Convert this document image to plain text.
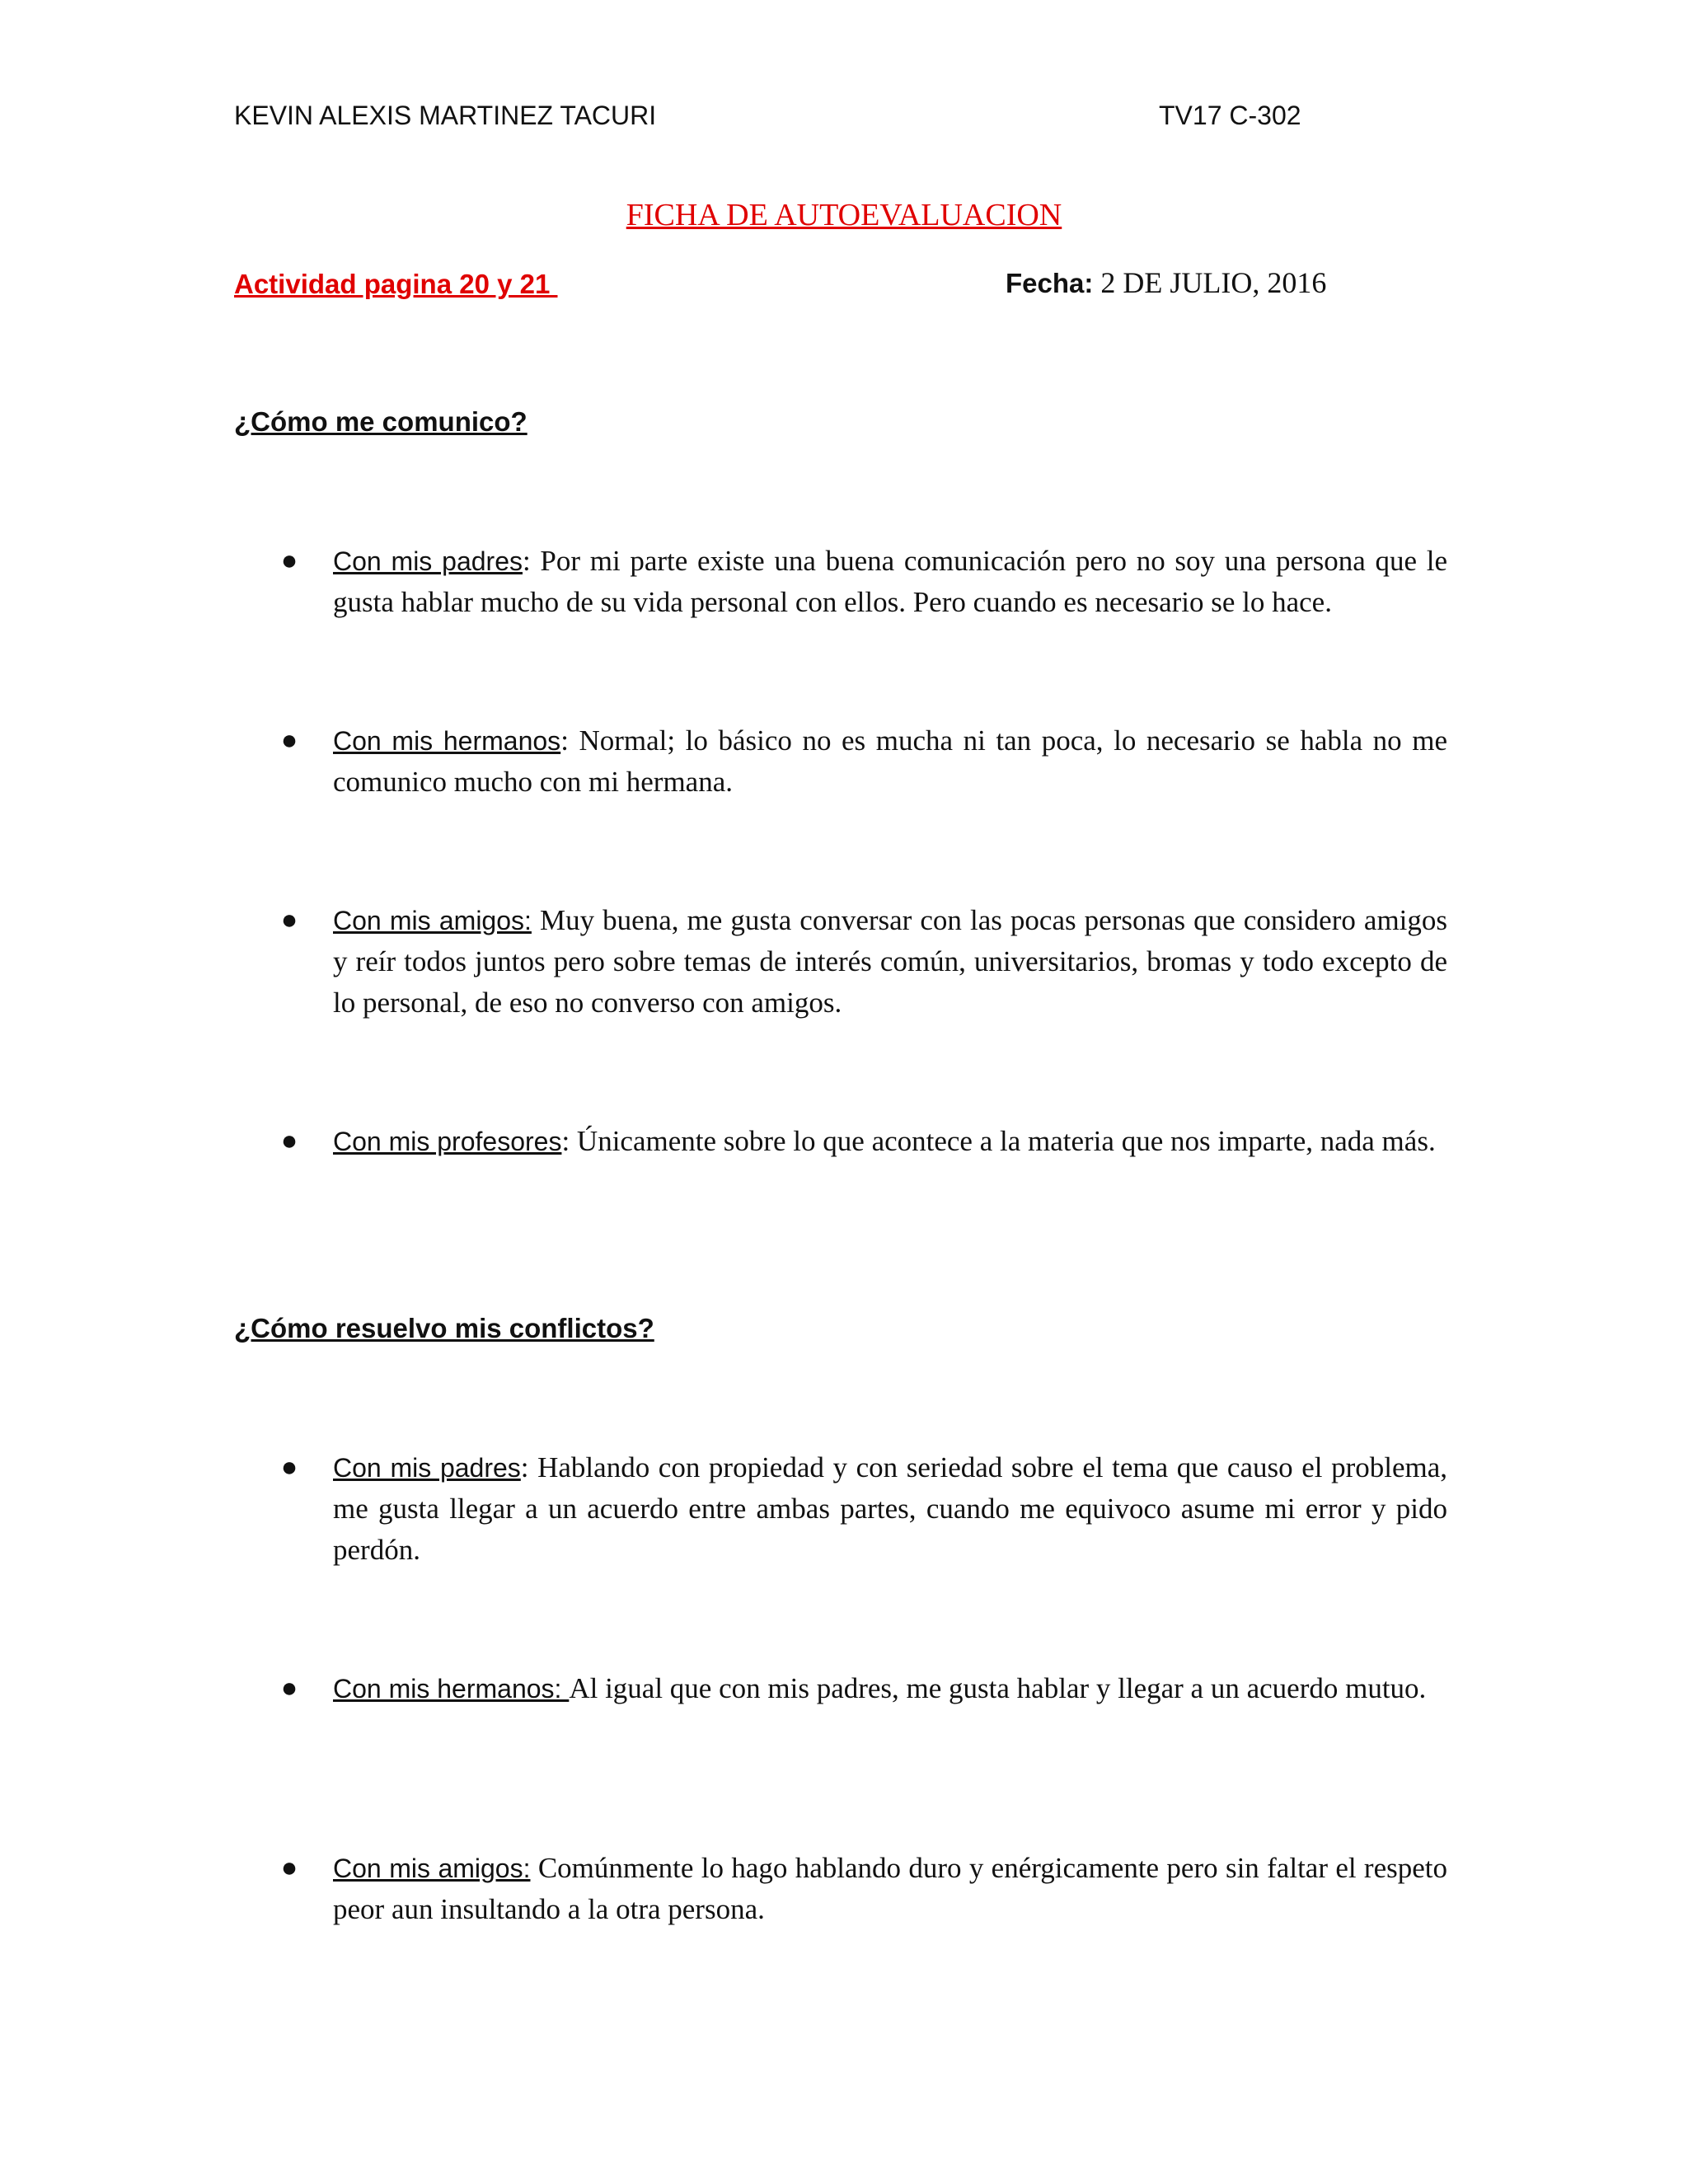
KEVIN ALEXIS MARTINEZ TACURI	TV17 C-302
FICHA DE AUTOEVALUACION
Actividad pagina 20 y 21	Fecha: 2 DE JULIO, 2016
¿Cómo me comunico?
● Con mis padres: Por mi parte existe una buena comunicación pero no soy una persona que le gusta hablar mucho de su vida personal con ellos. Pero cuando es necesario se lo hace.
● Con mis hermanos: Normal; lo básico no es mucha ni tan poca, lo necesario se habla no me comunico mucho con mi hermana.
● Con mis amigos: Muy buena, me gusta conversar con las pocas personas que considero amigos y reír todos juntos pero sobre temas de interés común, universitarios, bromas y todo excepto de lo personal, de eso no converso con amigos.
● Con mis profesores: Únicamente sobre lo que acontece a la materia que nos imparte, nada más.
¿Cómo resuelvo mis conflictos?
● Con mis padres: Hablando con propiedad y con seriedad sobre el tema que causo el problema, me gusta llegar a un acuerdo entre ambas partes, cuando me equivoco asume mi error y pido perdón.
● Con mis hermanos: Al igual que con mis padres, me gusta hablar y llegar a un acuerdo mutuo.
● Con mis amigos: Comúnmente lo hago hablando duro y enérgicamente pero sin faltar el respeto peor aun insultando a la otra persona.
